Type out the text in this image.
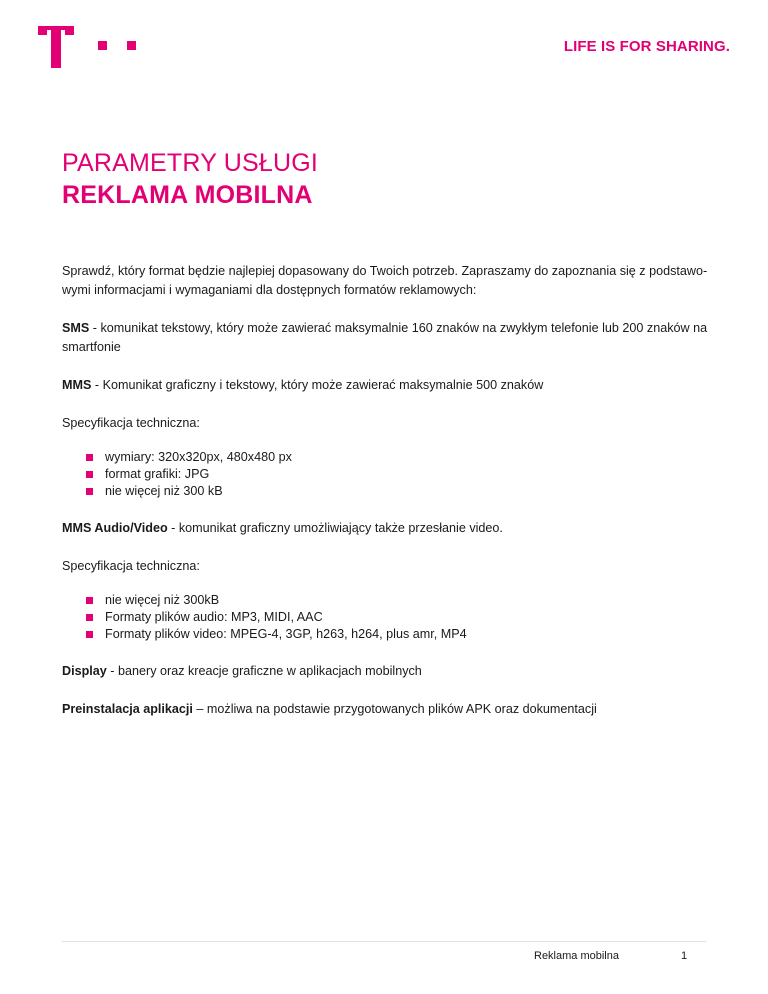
LIFE IS FOR SHARING.
PARAMETRY USŁUGI
REKLAMA MOBILNA

Sprawdź, który format będzie najlepiej dopasowany do Twoich potrzeb. Zapraszamy do zapoznania się z podstawo-
wymi informacjami i wymaganiami dla dostępnych formatów reklamowych:

SMS - komunikat tekstowy, który może zawierać maksymalnie 160 znaków na zwykłym telefonie lub 200 znaków na
smartfonie

MMS - Komunikat graficzny i tekstowy, który może zawierać maksymalnie 500 znaków

Specyfikacja techniczna:

wymiary: 320x320px, 480x480 px
format grafiki: JPG
nie więcej niż 300 kB

MMS Audio/Video - komunikat graficzny umożliwiający także przesłanie video.

Specyfikacja techniczna:

nie więcej niż 300kB
Formaty plików audio: MP3, MIDI, AAC
Formaty plików video: MPEG-4, 3GP, h263, h264, plus amr, MP4

Display - banery oraz kreacje graficzne w aplikacjach mobilnych

Preinstalacja aplikacji – możliwa na podstawie przygotowanych plików APK oraz dokumentacji

Reklama mobilna	1
